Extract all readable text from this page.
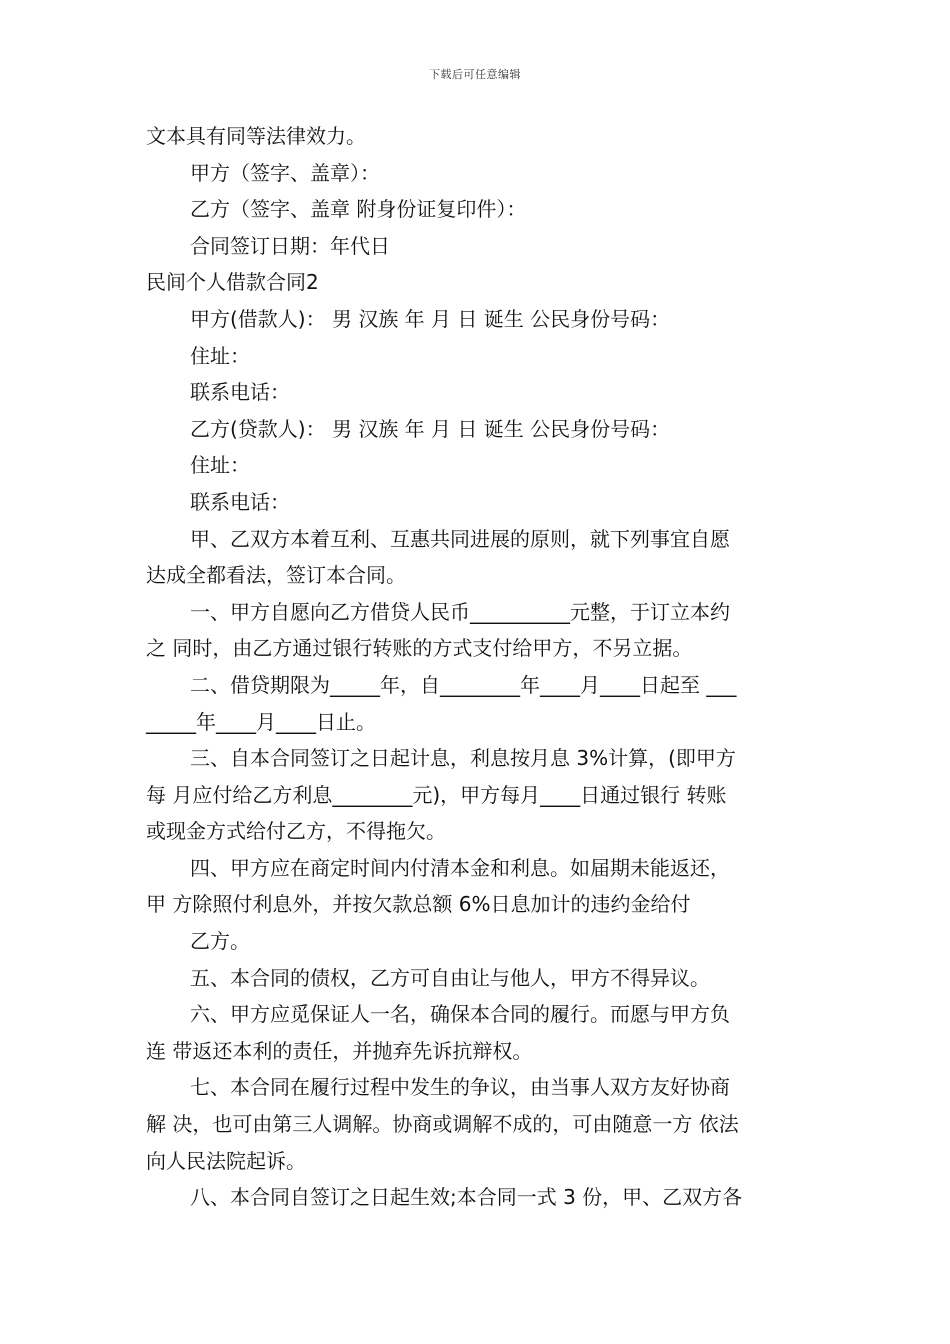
下载后可任意编辑
文本具有同等法律效力。
甲方（签字、盖章）：
乙方（签字、盖章 附身份证复印件）：
合同签订日期：年代日
民间个人借款合同2
甲方(借款人)： 男 汉族 年 月 日 诞生 公民身份号码：
住址：
联系电话：
乙方(贷款人)： 男 汉族 年 月 日 诞生 公民身份号码：
住址：
联系电话：
甲、乙双方本着互利、互惠共同进展的原则，就下列事宜自愿
达成全都看法，签订本合同。
一、甲方自愿向乙方借贷人民币__________元整，于订立本约
之 同时，由乙方通过银行转账的方式支付给甲方，不另立据。
二、借贷期限为_____年，自________年____月____日起至 ___
_____年____月____日止。
三、自本合同签订之日起计息，利息按月息 3%计算，(即甲方
每 月应付给乙方利息________元)，甲方每月____日通过银行 转账
或现金方式给付乙方，不得拖欠。
四、甲方应在商定时间内付清本金和利息。如届期未能返还，
甲 方除照付利息外，并按欠款总额 6%日息加计的违约金给付
乙方。
五、本合同的债权，乙方可自由让与他人，甲方不得异议。
六、甲方应觅保证人一名，确保本合同的履行。而愿与甲方负
连 带返还本利的责任，并抛弃先诉抗辩权。
七、本合同在履行过程中发生的争议，由当事人双方友好协商
解 决，也可由第三人调解。协商或调解不成的，可由随意一方 依法
向人民法院起诉。
八、本合同自签订之日起生效;本合同一式 3 份，甲、乙双方各
